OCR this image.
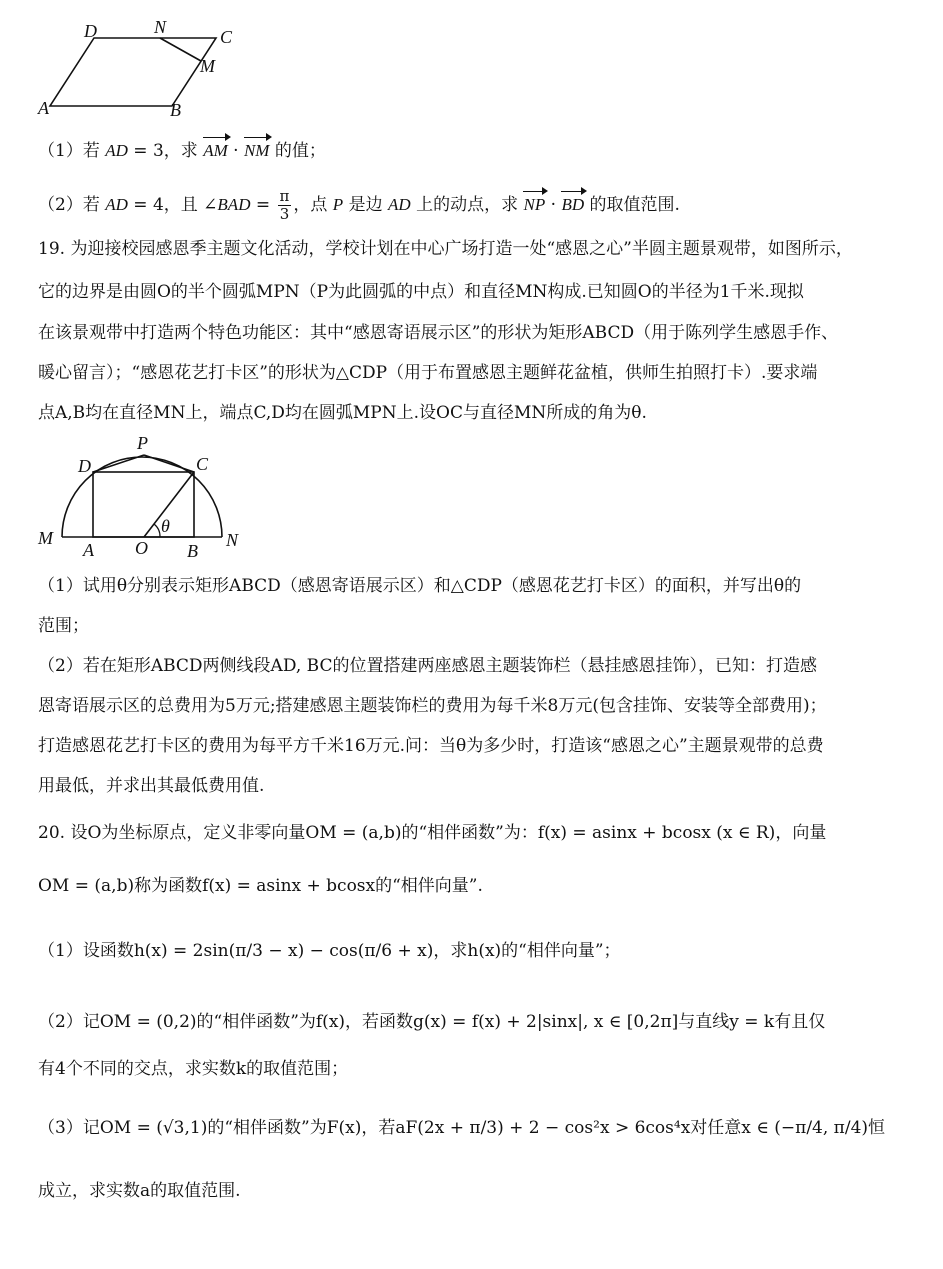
D	N	C
M
A	B
（1）若 AD = 3，求 AM · NM 的值；
（2）若 AD = 4，且 ∠BAD = $\frac{\pi}{3}$ ，点 P 是边 AD 上的动点，求 NP · BD 的取值范围.
19. 为迎接校园感恩季主题文化活动，学校计划在中心广场打造一处“感恩之心”半圆主题景观带，如图所示，
它的边界是由圆O的半个圆弧MPN（P为此圆弧的中点）和直径MN构成.已知圆O的半径为1千米.现拟
在该景观带中打造两个特色功能区：其中“感恩寄语展示区”的形状为矩形ABCD（用于陈列学生感恩手作、
暖心留言）；“感恩花艺打卡区”的形状为△CDP（用于布置感恩主题鲜花盆植，供师生拍照打卡）.要求端
点A,B均在直径MN上，端点C,D均在圆弧MPN上.设OC与直径MN所成的角为θ.
P
D	C
M
A O
θ
B
N
（1）试用θ分别表示矩形ABCD（感恩寄语展示区）和△CDP（感恩花艺打卡区）的面积，并写出θ的
范围；
（2）若在矩形ABCD两侧线段AD, BC的位置搭建两座感恩主题装饰栏（悬挂感恩挂饰），已知：打造感
恩寄语展示区的总费用为5万元;搭建感恩主题装饰栏的费用为每千米8万元(包含挂饰、安装等全部费用)；
打造感恩花艺打卡区的费用为每平方千米16万元.问：当θ为多少时，打造该“感恩之心”主题景观带的总费
用最低，并求出其最低费用值.
20. 设O为坐标原点，定义非零向量OM = (a,b)的“相伴函数”为：f(x) = asinx + bcosx (x ∈ R)，向量
OM = (a,b)称为函数f(x) = asinx + bcosx的“相伴向量”.
（1）设函数h(x) = 2sin(π/3 − x) − cos(π/6 + x)，求h(x)的“相伴向量”；
（2）记OM = (0,2)的“相伴函数”为f(x)，若函数g(x) = f(x) + 2|sinx|, x ∈ [0,2π]与直线y = k有且仅
有4个不同的交点，求实数k的取值范围；
（3）记OM = (√3,1)的“相伴函数”为F(x)，若aF(2x + π/3) + 2 − cos²x > 6cos⁴x对任意x ∈ (−π/4, π/4)恒
成立，求实数a的取值范围.
